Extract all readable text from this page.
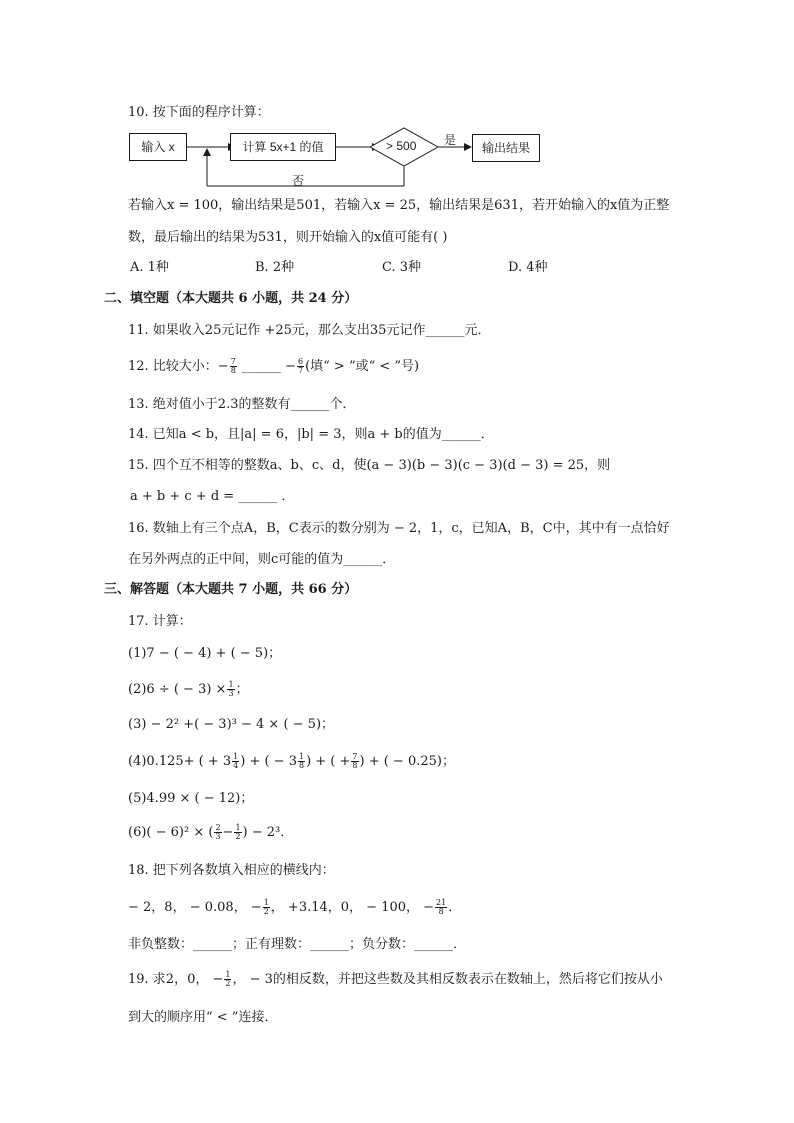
10. 按下面的程序计算：
输入 x	计算 5x+1 的值	> 500 是
输出结果
否
若输入x = 100，输出结果是501，若输入x = 25，输出结果是631，若开始输入的x值为正整
数，最后输出的结果为531，则开始输入的x值可能有( )
A. 1种	B. 2种	C. 3种	D. 4种
二、填空题（本大题共 6 小题，共 24 分）
11. 如果收入25元记作 +25元，那么支出35元记作______元．
12. 比较大小：− $\frac{7}{8}$ ______ − $\frac{6}{7}$ (填“ > ”或“ < ”号)
13. 绝对值小于2.3的整数有______个．
14. 已知a < b，且|a| = 6，|b| = 3，则a + b的值为______．
15. 四个互不相等的整数a、b、c、d，使(a − 3)(b − 3)(c − 3)(d − 3) = 25，则
a + b + c + d = ______ ．
16. 数轴上有三个点A，B，C表示的数分别为 − 2，1，c，已知A，B，C中，其中有一点恰好
在另外两点的正中间，则c可能的值为______．
三、解答题（本大题共 7 小题，共 66 分）
17. 计算：
(1)7 − ( − 4) + ( − 5)；
(2)6 ÷ ( − $3) \times \frac{1}{3}$ ；
(3) − 2² +( − 3)³ − 4 × ( − 5)；
(4)0.125+ ( + $3 \frac{1}{4}$ ) + ( − $3 \frac{1}{8}$ ) + ( + $\frac{7}{8}$ ) + ( − 0.25)；
(5)4.99 × ( − 12)；
(6)( − 6)² × ( $\frac{2}{3} - \frac{1}{2}$ ) − 2³．
18. 把下列各数填入相应的横线内：
− 2，8， − 0.08， − $\frac{1}{2}$ ， +3.14，0， − 100， − $\frac{21}{8}$ ．
非负整数：______；正有理数：______；负分数：______．
19. 求2，0， − $\frac{1}{2}$ ， − 3的相反数，并把这些数及其相反数表示在数轴上，然后将它们按从小
到大的顺序用“ < ”连接．
